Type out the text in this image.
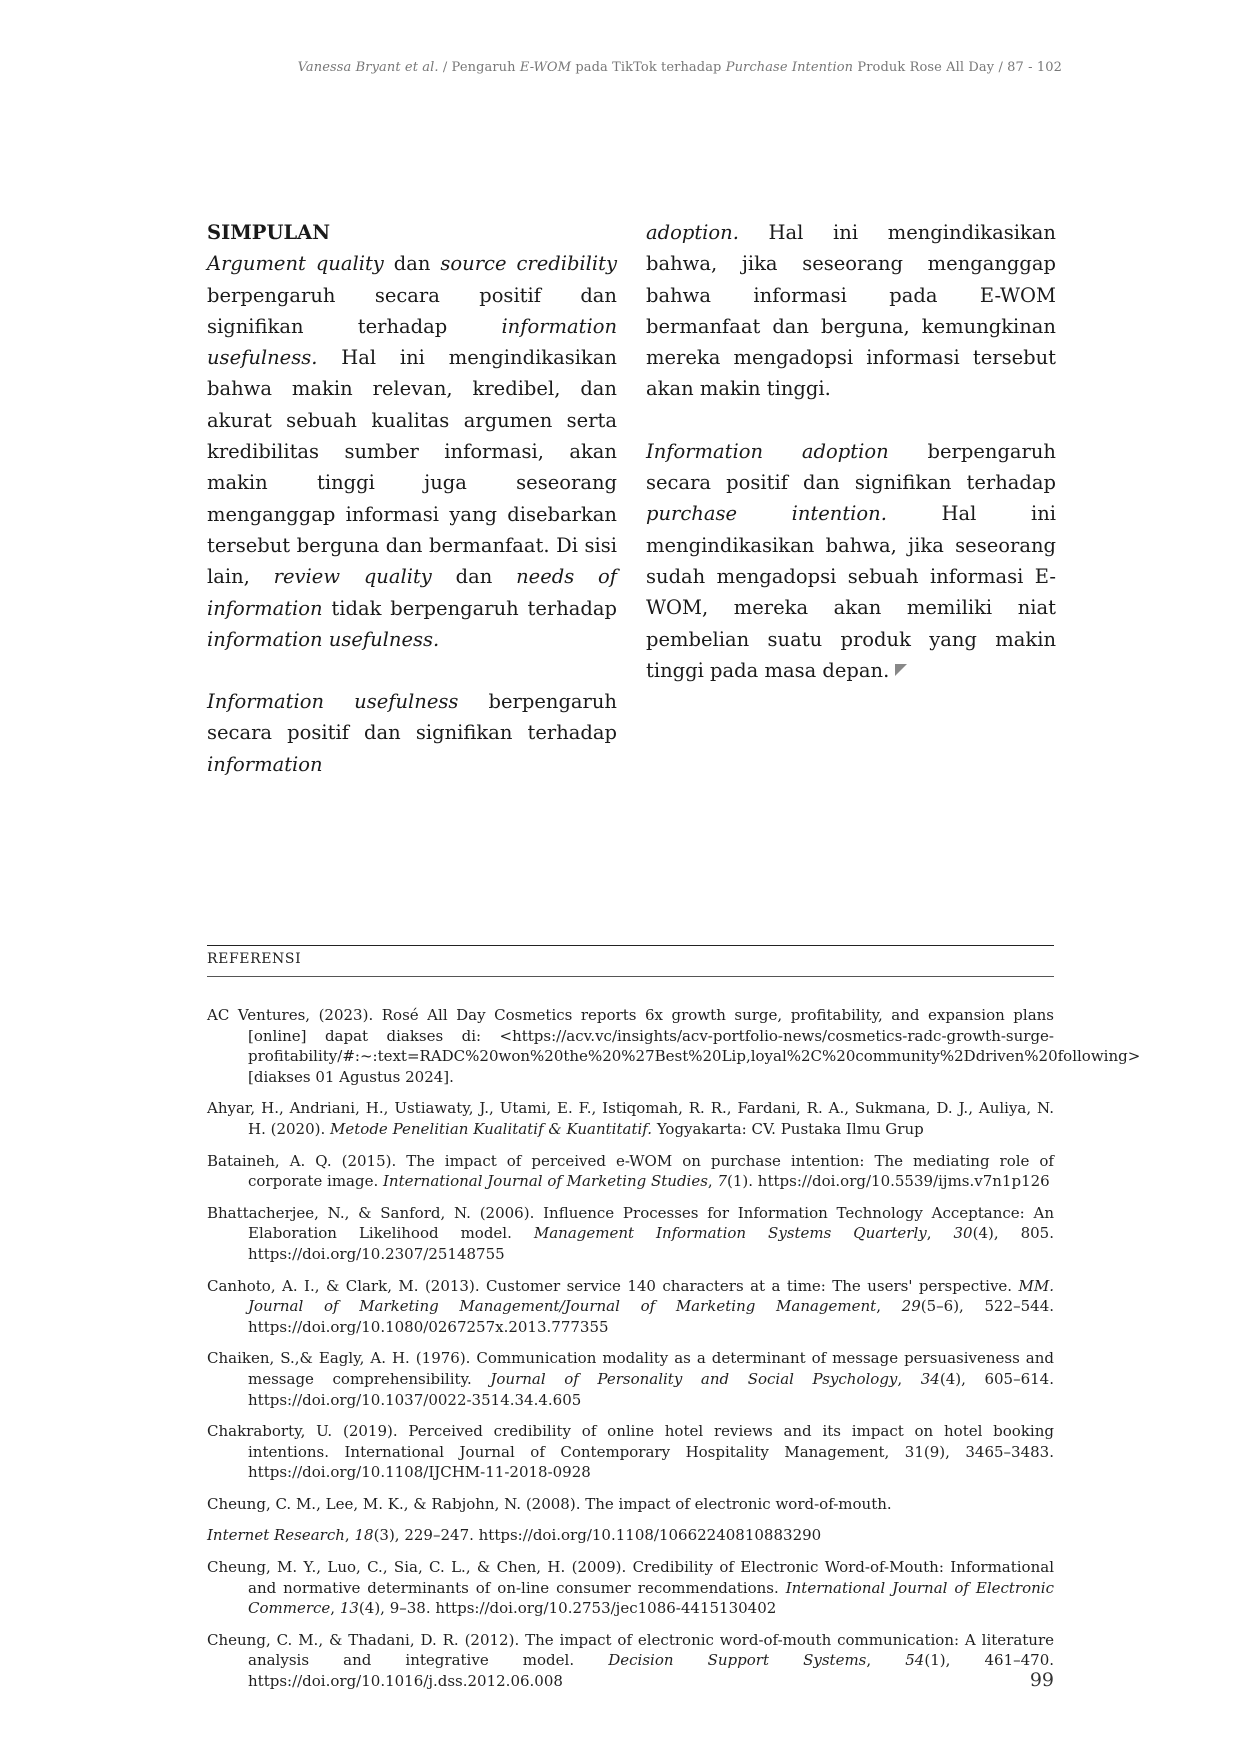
Vanessa Bryant et al. / Pengaruh E-WOM pada TikTok terhadap Purchase Intention Produk Rose All Day / 87 - 102
SIMPULAN

Argument quality dan source credibility berpengaruh secara positif dan signifikan terhadap information usefulness. Hal ini mengindikasikan bahwa makin relevan, kredibel, dan akurat sebuah kualitas argumen serta kredibilitas sumber informasi, akan makin tinggi juga seseorang menganggap informasi yang disebarkan tersebut berguna dan bermanfaat. Di sisi lain, review quality dan needs of information tidak berpengaruh terhadap information usefulness.

Information usefulness berpengaruh secara positif dan signifikan terhadap information

adoption. Hal ini mengindikasikan bahwa, jika seseorang menganggap bahwa informasi pada E-WOM bermanfaat dan berguna, kemungkinan mereka mengadopsi informasi tersebut akan makin tinggi.

Information adoption berpengaruh secara positif dan signifikan terhadap purchase intention. Hal ini mengindikasikan bahwa, jika seseorang sudah mengadopsi sebuah informasi E-WOM, mereka akan memiliki niat pembelian suatu produk yang makin tinggi pada masa depan.

REFERENSI

AC Ventures, (2023). Rosé All Day Cosmetics reports 6x growth surge, profitability, and expansion plans [online] dapat diakses di: <https://acv.vc/insights/acv-portfolio-news/cosmetics-radc-growth-surge-profitability/#:~:text=RADC%20won%20the%20%27Best%20Lip,loyal%2C%20community%2Ddriven%20following> [diakses 01 Agustus 2024].

Ahyar, H., Andriani, H., Ustiawaty, J., Utami, E. F., Istiqomah, R. R., Fardani, R. A., Sukmana, D. J., Auliya, N. H. (2020). Metode Penelitian Kualitatif & Kuantitatif. Yogyakarta: CV. Pustaka Ilmu Grup

Bataineh, A. Q. (2015). The impact of perceived e-WOM on purchase intention: The mediating role of corporate image. International Journal of Marketing Studies, 7(1). https://doi.org/10.5539/ijms.v7n1p126

Bhattacherjee, N., & Sanford, N. (2006). Influence Processes for Information Technology Acceptance: An Elaboration Likelihood model. Management Information Systems Quarterly, 30(4), 805. https://doi.org/10.2307/25148755

Canhoto, A. I., & Clark, M. (2013). Customer service 140 characters at a time: The users' perspective. MM. Journal of Marketing Management/Journal of Marketing Management, 29(5–6), 522–544. https://doi.org/10.1080/0267257x.2013.777355

Chaiken, S.,& Eagly, A. H. (1976). Communication modality as a determinant of message persuasiveness and message comprehensibility. Journal of Personality and Social Psychology, 34(4), 605–614. https://doi.org/10.1037/0022-3514.34.4.605

Chakraborty, U. (2019). Perceived credibility of online hotel reviews and its impact on hotel booking intentions. International Journal of Contemporary Hospitality Management, 31(9), 3465–3483. https://doi.org/10.1108/IJCHM-11-2018-0928

Cheung, C. M., Lee, M. K., & Rabjohn, N. (2008). The impact of electronic word-of-mouth.

Internet Research, 18(3), 229–247. https://doi.org/10.1108/10662240810883290

Cheung, M. Y., Luo, C., Sia, C. L., & Chen, H. (2009). Credibility of Electronic Word-of-Mouth: Informational and normative determinants of on-line consumer recommendations. International Journal of Electronic Commerce, 13(4), 9–38. https://doi.org/10.2753/jec1086-4415130402

Cheung, C. M., & Thadani, D. R. (2012). The impact of electronic word-of-mouth communication: A literature analysis and integrative model. Decision Support Systems, 54(1), 461–470. https://doi.org/10.1016/j.dss.2012.06.008	99
